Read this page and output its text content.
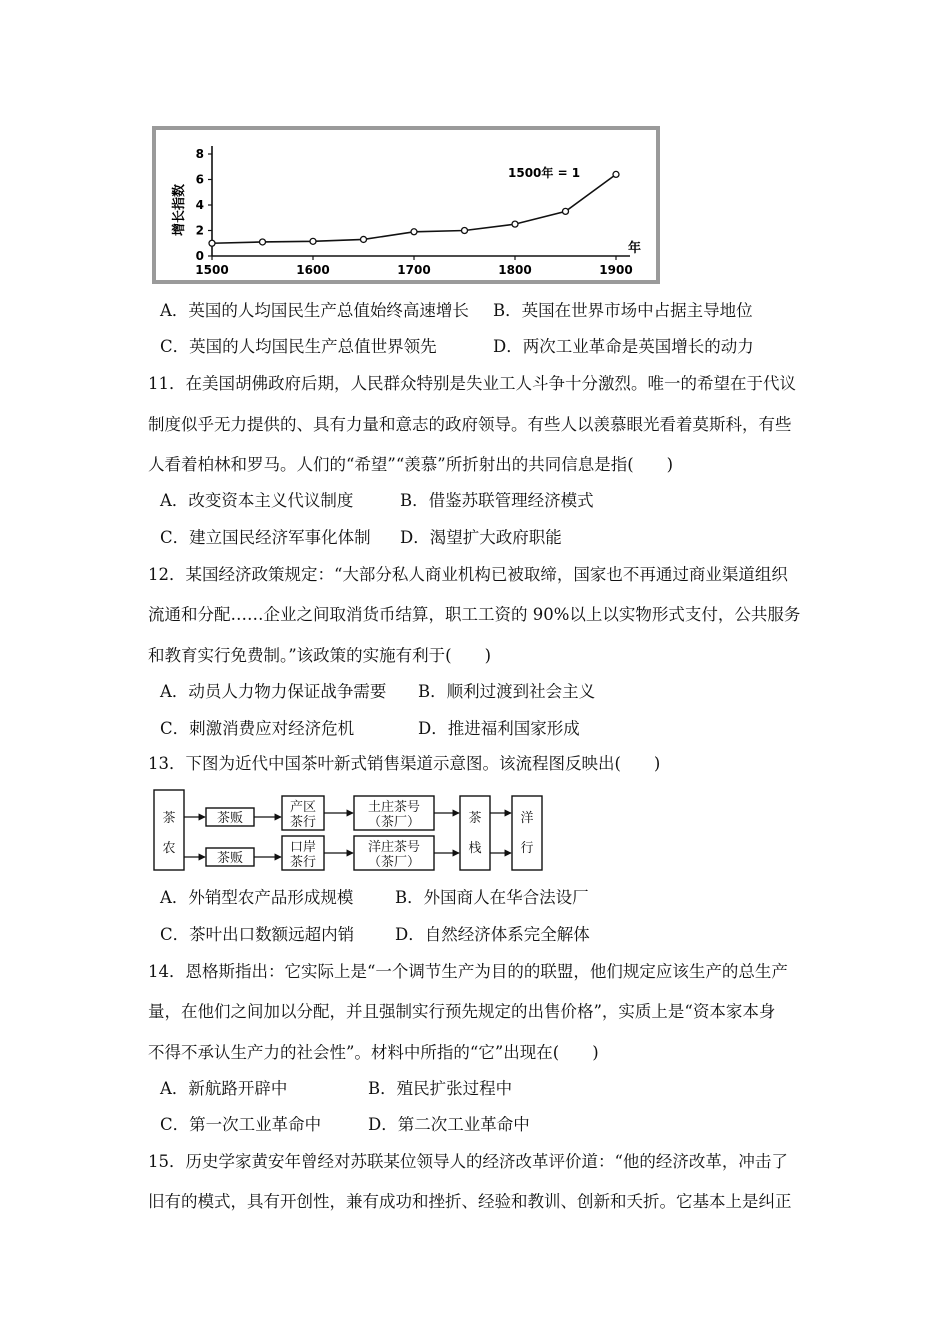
0
2
4
6
8
1500	1600	1700	1800	1900
增长指数
年
1500年 = 1
A．英国的人均国民生产总值始终高速增长 B．英国在世界市场中占据主导地位
C．英国的人均国民生产总值世界领先	D．两次工业革命是英国增长的动力
11．在美国胡佛政府后期，人民群众特别是失业工人斗争十分激烈。唯一的希望在于代议
制度似乎无力提供的、具有力量和意志的政府领导。有些人以羡慕眼光看着莫斯科，有些
人看着柏林和罗马。人们的“希望”“羡慕”所折射出的共同信息是指(　　)
A．改变资本主义代议制度	B．借鉴苏联管理经济模式
C．建立国民经济军事化体制 D．渴望扩大政府职能
12．某国经济政策规定：“大部分私人商业机构已被取缔，国家也不再通过商业渠道组织
流通和分配……企业之间取消货币结算，职工工资的 90%以上以实物形式支付，公共服务
和教育实行免费制。”该政策的实施有利于(　　)
A．动员人力物力保证战争需要 B．顺利过渡到社会主义
C．刺激消费应对经济危机	D．推进福利国家形成
13．下图为近代中国茶叶新式销售渠道示意图。该流程图反映出(　　)
茶
农
茶贩
茶贩
产区
茶行
口岸
茶行
土庄茶号
（茶厂）
洋庄茶号
（茶厂）
茶
栈
洋
行
A．外销型农产品形成规模	B．外国商人在华合法设厂
C．茶叶出口数额远超内销 D．自然经济体系完全解体
14．恩格斯指出：它实际上是“一个调节生产为目的的联盟，他们规定应该生产的总生产
量，在他们之间加以分配，并且强制实行预先规定的出售价格”，实质上是“资本家本身
不得不承认生产力的社会性”。材料中所指的“它”出现在(　　)
A．新航路开辟中	B．殖民扩张过程中
C．第一次工业革命中	D．第二次工业革命中
15．历史学家黄安年曾经对苏联某位领导人的经济改革评价道：“他的经济改革，冲击了
旧有的模式，具有开创性，兼有成功和挫折、经验和教训、创新和夭折。它基本上是纠正
